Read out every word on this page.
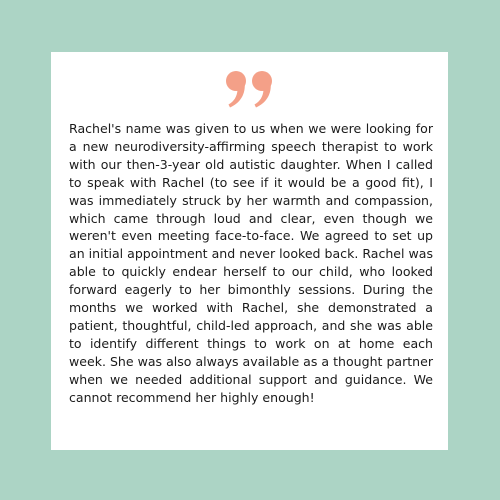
Rachel's name was given to us when we were looking for a new neurodiversity-affirming speech therapist to work with our then-3-year old autistic daughter. When I called to speak with Rachel (to see if it would be a good fit), I was immediately struck by her warmth and compassion, which came through loud and clear, even though we weren't even meeting face-to-face. We agreed to set up an initial appointment and never looked back. Rachel was able to quickly endear herself to our child, who looked forward eagerly to her bimonthly sessions. During the months we worked with Rachel, she demonstrated a patient, thoughtful, child-led approach, and she was able to identify different things to work on at home each week. She was also always available as a thought partner when we needed additional support and guidance. We cannot recommend her highly enough!
